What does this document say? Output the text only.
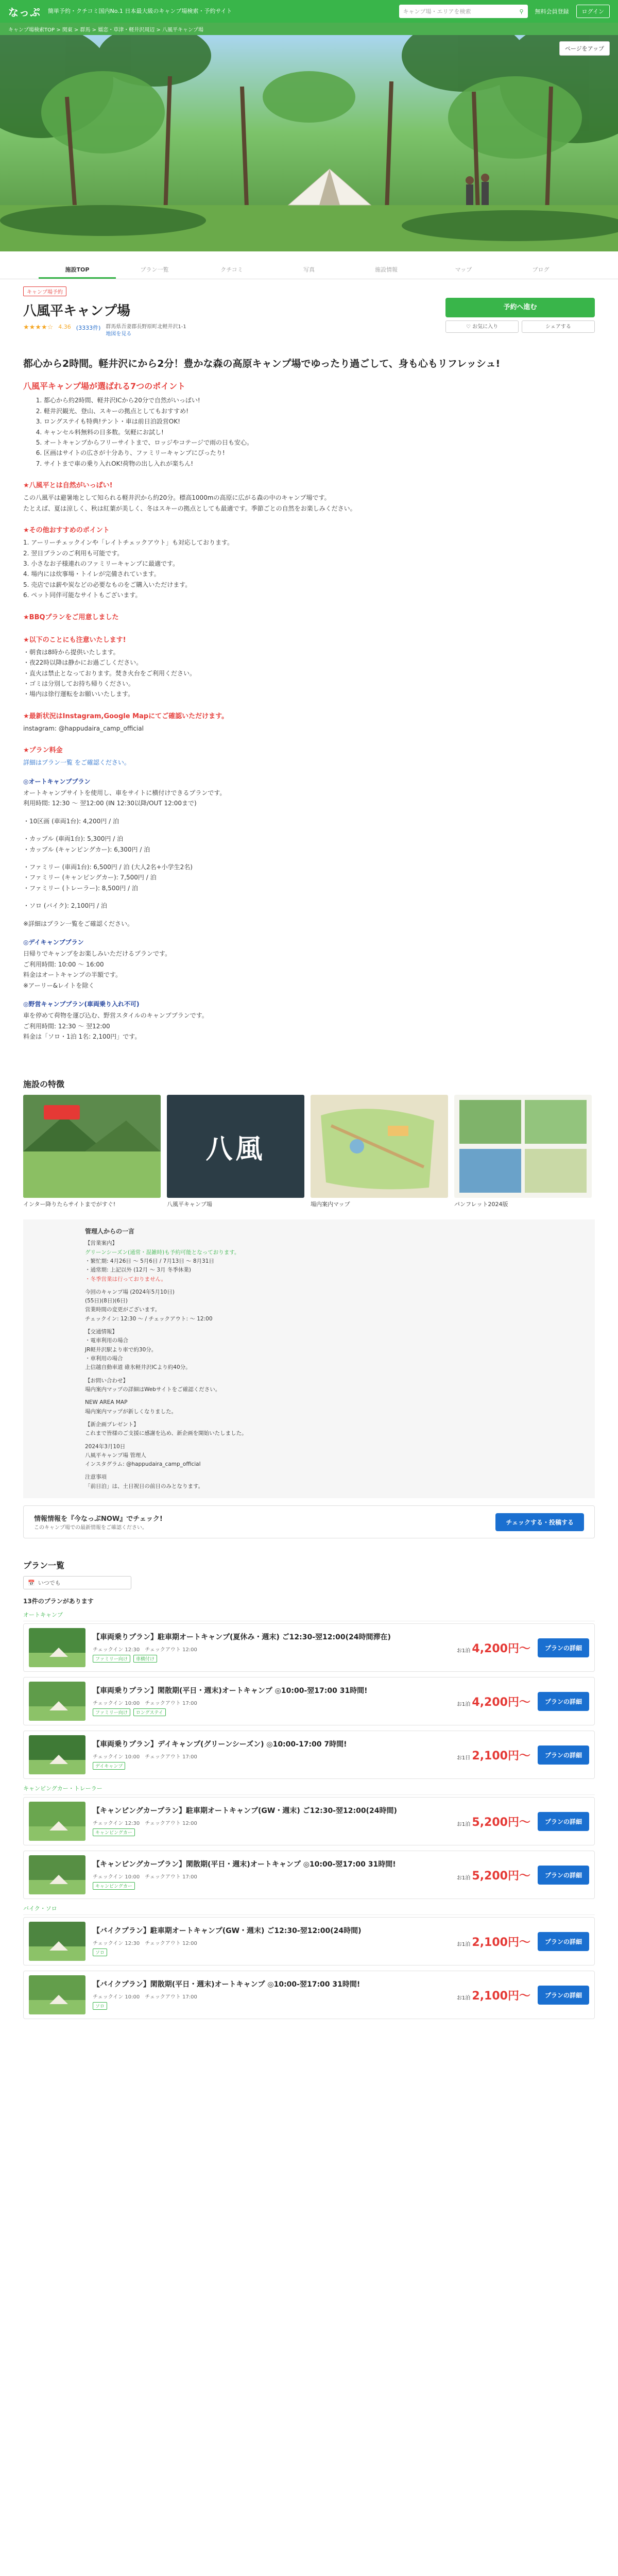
なっぷ 簡単予約・クチコミ国内No.1 日本最大級のキャンプ場検索・予約サイト	キャンプ場・エリアを検索	⚲ 無料会員登録	ログイン
キャンプ場検索TOP > 関東 > 群馬 > 嬬恋・草津・軽井沢周辺 > 八風平キャンプ場
ページをアップ
施設TOP	プラン一覧	クチコミ	写真	施設情報	マップ	ブログ
キャンプ場予約
八風平キャンプ場
★★★★☆ 4.36 (3333件) 群馬県吾妻郡長野原町北軽井沢1-1
地図を見る
予約へ進む
♡ お気に入り	シェアする
都心から2時間。軽井沢にから2分！豊かな森の高原キャンプ場でゆったり過ごして、身も心もリフレッシュ!
八風平キャンプ場が選ばれる7つのポイント
1. 都心から約2時間、軽井沢ICから20分で自然がいっぱい!
2. 軽井沢観光、登山、スキーの拠点としてもおすすめ!
3. ロングステイも特典!テント・車は前日泊設営OK!
4. キャンセル料無料の日多数。気軽にお試し!
5. オートキャンプからフリーサイトまで、ロッジやコテージで雨の日も安心。
6. 区画はサイトの広さが十分あり、ファミリーキャンプにぴったり!
7. サイトまで車の乗り入れOK!荷物の出し入れが楽ちん!
★八風平とは自然がいっぱい!

この八風平は避暑地として知られる軽井沢から約20分。標高1000mの高原に広がる森の中のキャンプ場です。

たとえば、夏は涼しく、秋は紅葉が美しく、冬はスキーの拠点としても最適です。季節ごとの自然をお楽しみください。

★その他おすすめのポイント

1. アーリーチェックインや「レイトチェックアウト」も対応しております。

2. 翌日プランのご利用も可能です。

3. 小さなお子様連れのファミリーキャンプに最適です。

4. 場内には炊事場・トイレが完備されています。

5. 売店では薪や炭などの必要なものをご購入いただけます。

6. ペット同伴可能なサイトもございます。

★BBQプランをご用意しました
★以下のことにも注意いたします!

・朝食は8時から提供いたします。

・夜22時以降は静かにお過ごしください。

・直火は禁止となっております。焚き火台をご利用ください。

・ゴミは分別してお持ち帰りください。

・場内は徐行運転をお願いいたします。

★最新状況はInstagram,Google Mapにてご確認いただけます。

instagram: @happudaira_camp_official

★プラン料金

詳細はプラン一覧 をご確認ください。

◎オートキャンププラン

オートキャンプサイトを使用し、車をサイトに横付けできるプランです。

利用時間: 12:30 〜 翌12:00 (IN 12:30以降/OUT 12:00まで)

・10区画 (車両1台): 4,200円 / 泊

・カップル (車両1台): 5,300円 / 泊

・カップル (キャンピングカー): 6,300円 / 泊

・ファミリー (車両1台): 6,500円 / 泊 (大人2名+小学生2名)

・ファミリー (キャンピングカー): 7,500円 / 泊

・ファミリー (トレーラー): 8,500円 / 泊

・ソロ (バイク): 2,100円 / 泊

※詳細はプラン一覧をご確認ください。

◎デイキャンププラン

日帰りでキャンプをお楽しみいただけるプランです。

ご利用時間: 10:00 〜 16:00

料金はオートキャンプの半額です。

※アーリー&レイトを除く

◎野営キャンププラン(車両乗り入れ不可)

車を停めて荷物を運び込む、野営スタイルのキャンププランです。

ご利用時間: 12:30 〜 翌12:00

料金は「ソロ・1泊 1名: 2,100円」です。

施設の特徴
インター降りたらサイトまでがすぐ!
八風
八風平キャンプ場	場内案内マップ	パンフレット2024版
管理人からの一言

【営業案内】

グリーンシーズン(通常・混雑時)も予約可能となっております。

・繁忙期: 4月26日 〜 5月6日 / 7月13日 〜 8月31日

・通常期: 上記以外 (12月 〜 3月 冬季休業)

・冬季営業は行っておりません。

今回のキャンプ場 (2024年5月10日)

(55日)(8日)(6日)

営業時間の変更がございます。

チェックイン: 12:30 〜 / チェックアウト: 〜 12:00

【交通情報】

・電車利用の場合

JR軽井沢駅より車で約30分。

・車利用の場合

上信越自動車道 碓氷軽井沢ICより約40分。

【お問い合わせ】

場内案内マップの詳細はWebサイトをご確認ください。

NEW AREA MAP

場内案内マップが新しくなりました。

【新企画プレゼント】

これまで皆様のご支援に感謝を込め、新企画を開始いたしました。

2024年3月10日

八風平キャンプ場 管理人

インスタグラム: @happudaira_camp_official

注意事項

「前日泊」は、土日祝日の前日のみとなります。

情報情報を『今なっぷNOW』でチェック!
このキャンプ場での最新情報をご確認ください。
チェックする・投稿する
プラン一覧
📅 いつでも
13件のプランがあります
オートキャンプ
【車両乗りプラン】駐車期オートキャンプ(夏休み・週末) ご12:30-翌12:00(24時間滞在)
チェックイン 12:30　チェックアウト 12:00
ファミリー向け	車横付け
お1泊 4,200円〜	プランの詳細
【車両乗りプラン】閑散期(平日・週末)オートキャンプ ◎10:00-翌17:00 31時間!
チェックイン 10:00　チェックアウト 17:00
ファミリー向け	ロングステイ
お1泊 4,200円〜	プランの詳細
【車両乗りプラン】デイキャンプ(グリーンシーズン) ◎10:00-17:00 7時間!
チェックイン 10:00　チェックアウト 17:00
デイキャンプ
お1日 2,100円〜	プランの詳細
キャンピングカー・トレーラー
【キャンピングカープラン】駐車期オートキャンプ(GW・週末) ご12:30-翌12:00(24時間)
チェックイン 12:30　チェックアウト 12:00
キャンピングカー
お1泊 5,200円〜	プランの詳細
【キャンピングカープラン】閑散期(平日・週末)オートキャンプ ◎10:00-翌17:00 31時間!
チェックイン 10:00　チェックアウト 17:00
キャンピングカー
お1泊 5,200円〜	プランの詳細
バイク・ソロ
【バイクプラン】駐車期オートキャンプ(GW・週末) ご12:30-翌12:00(24時間)
チェックイン 12:30　チェックアウト 12:00
ソロ
お1泊 2,100円〜	プランの詳細
【バイクプラン】閑散期(平日・週末)オートキャンプ ◎10:00-翌17:00 31時間!
チェックイン 10:00　チェックアウト 17:00
ソロ
お1泊 2,100円〜	プランの詳細
